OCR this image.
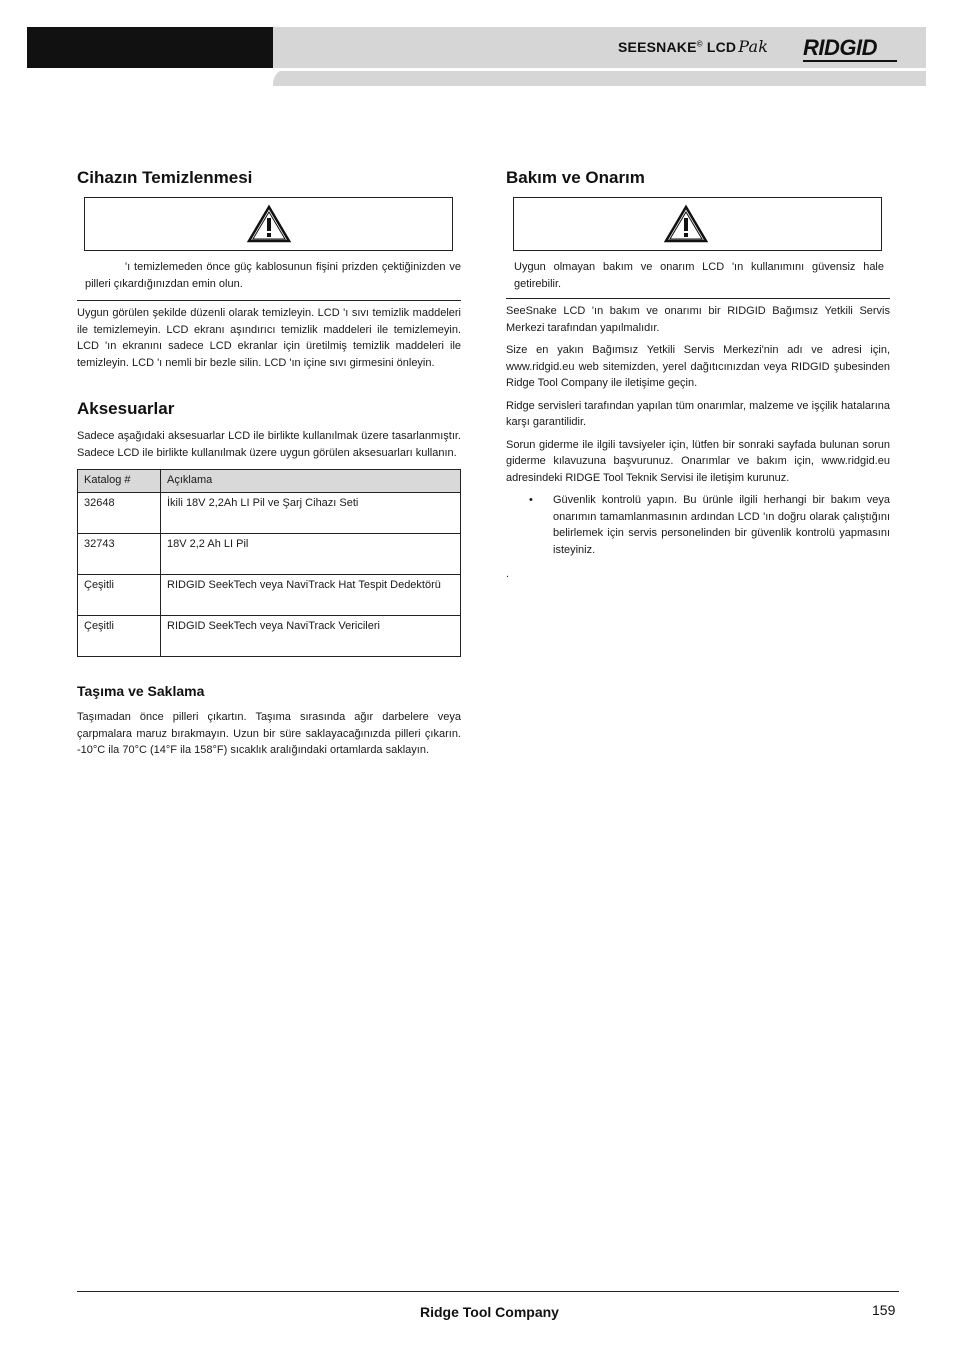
SEESNAKE© LCD Pak RIDGID
Cihazın Temizlenmesi

'ı temizlemeden önce güç kablosunun fişini prizden çektiğinizden ve pilleri çıkardığınızdan emin olun.

Uygun görülen şekilde düzenli olarak temizleyin. LCD 'ı sıvı temizlik maddeleri ile temizlemeyin. LCD ekranı aşındırıcı temizlik maddeleri ile temizlemeyin. LCD 'ın ekranını sadece LCD ekranlar için üretilmiş temizlik maddeleri ile temizleyin. LCD 'ı nemli bir bezle silin. LCD 'ın içine sıvı girmesini önleyin.

Aksesuarlar

Sadece aşağıdaki aksesuarlar LCD ile birlikte kullanılmak üzere tasarlanmıştır. Sadece LCD ile birlikte kullanılmak üzere uygun görülen aksesuarları kullanın.

Katalog #	Açıklama
32648	İkili 18V 2,2Ah LI Pil ve Şarj Cihazı Seti
32743	18V 2,2 Ah LI Pil
Çeşitli	RIDGID SeekTech veya NaviTrack Hat Tespit Dedektörü
Çeşitli	RIDGID SeekTech veya NaviTrack Vericileri
Taşıma ve Saklama

Taşımadan önce pilleri çıkartın. Taşıma sırasında ağır darbelere veya çarpmalara maruz bırakmayın. Uzun bir süre saklayacağınızda pilleri çıkarın. -10°C ila 70°C (14°F ila 158°F) sıcaklık aralığındaki ortamlarda saklayın.

Bakım ve Onarım

Uygun olmayan bakım ve onarım LCD 'ın kullanımını güvensiz hale getirebilir.

SeeSnake LCD 'ın bakım ve onarımı bir RIDGID Bağımsız Yetkili Servis Merkezi tarafından yapılmalıdır.

Size en yakın Bağımsız Yetkili Servis Merkezi'nin adı ve adresi için, www.ridgid.eu web sitemizden, yerel dağıtıcınızdan veya RIDGID şubesinden Ridge Tool Company ile iletişime geçin.

Ridge servisleri tarafından yapılan tüm onarımlar, malzeme ve işçilik hatalarına karşı garantilidir.

Sorun giderme ile ilgili tavsiyeler için, lütfen bir sonraki sayfada bulunan sorun giderme kılavuzuna başvurunuz. Onarımlar ve bakım için, www.ridgid.eu adresindeki RIDGE Tool Teknik Servisi ile iletişim kurunuz.

• Güvenlik kontrolü yapın. Bu ürünle ilgili herhangi bir bakım veya onarımın tamamlanmasının ardından LCD 'ın doğru olarak çalıştığını belirlemek için servis personelinden bir güvenlik kontrolü yapmasını isteyiniz.

.

Ridge Tool Company	159
